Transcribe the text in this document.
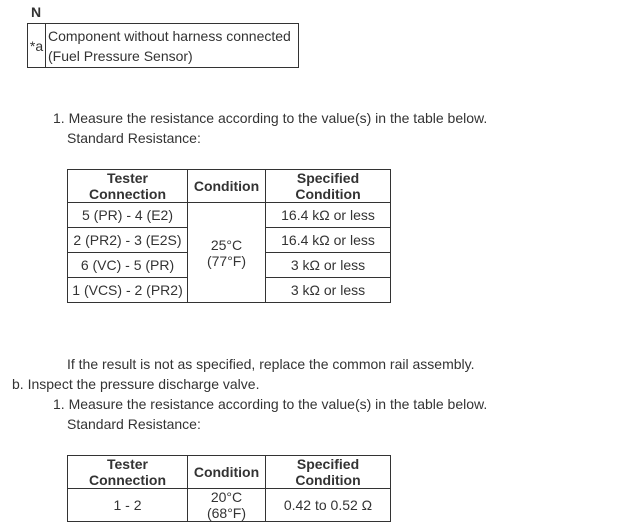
N
*a	
Component without harness connected
(Fuel Pressure Sensor)
1. Measure the resistance according to the value(s) in the table below.
Standard Resistance:
Tester Connection	Condition	Specified Condition
5 (PR) - 4 (E2)	25°C (77°F)	16.4 kΩ or less
2 (PR2) - 3 (E2S)		16.4 kΩ or less
6 (VC) - 5 (PR)		3 kΩ or less
1 (VCS) - 2 (PR2)		3 kΩ or less
If the result is not as specified, replace the common rail assembly.
b. Inspect the pressure discharge valve.
1. Measure the resistance according to the value(s) in the table below.
Standard Resistance:
Tester Connection	Condition	Specified Condition
1 - 2	20°C (68°F)	0.42 to 0.52 Ω
